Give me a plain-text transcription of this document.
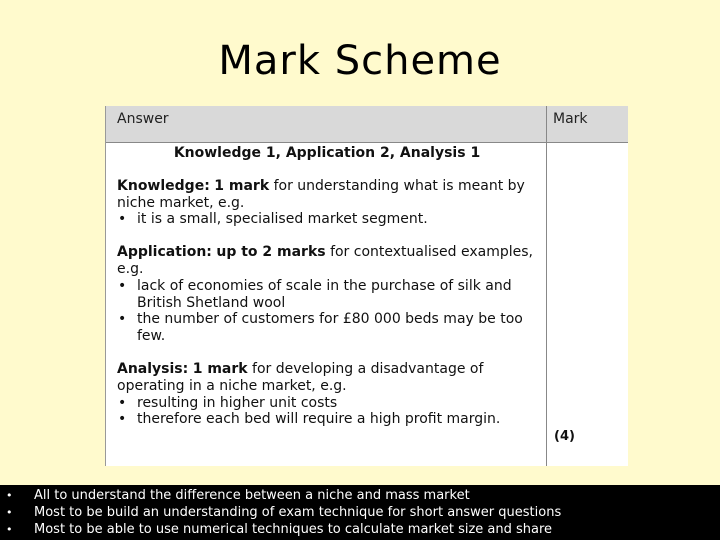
Mark Scheme
Answer	Mark
Knowledge 1, Application 2, Analysis 1
Knowledge: 1 mark for understanding what is meant by niche market, e.g.
• it is a small, specialised market segment.
Application: up to 2 marks for contextualised examples, e.g.
• lack of economies of scale in the purchase of silk and British Shetland wool
• the number of customers for £80 000 beds may be too few.
Analysis: 1 mark for developing a disadvantage of operating in a niche market, e.g.
• resulting in higher unit costs
• therefore each bed will require a high profit margin.
(4)
• All to understand the difference between a niche and mass market
• Most to be build an understanding of exam technique for short answer questions
• Most to be able to use numerical techniques to calculate market size and share
